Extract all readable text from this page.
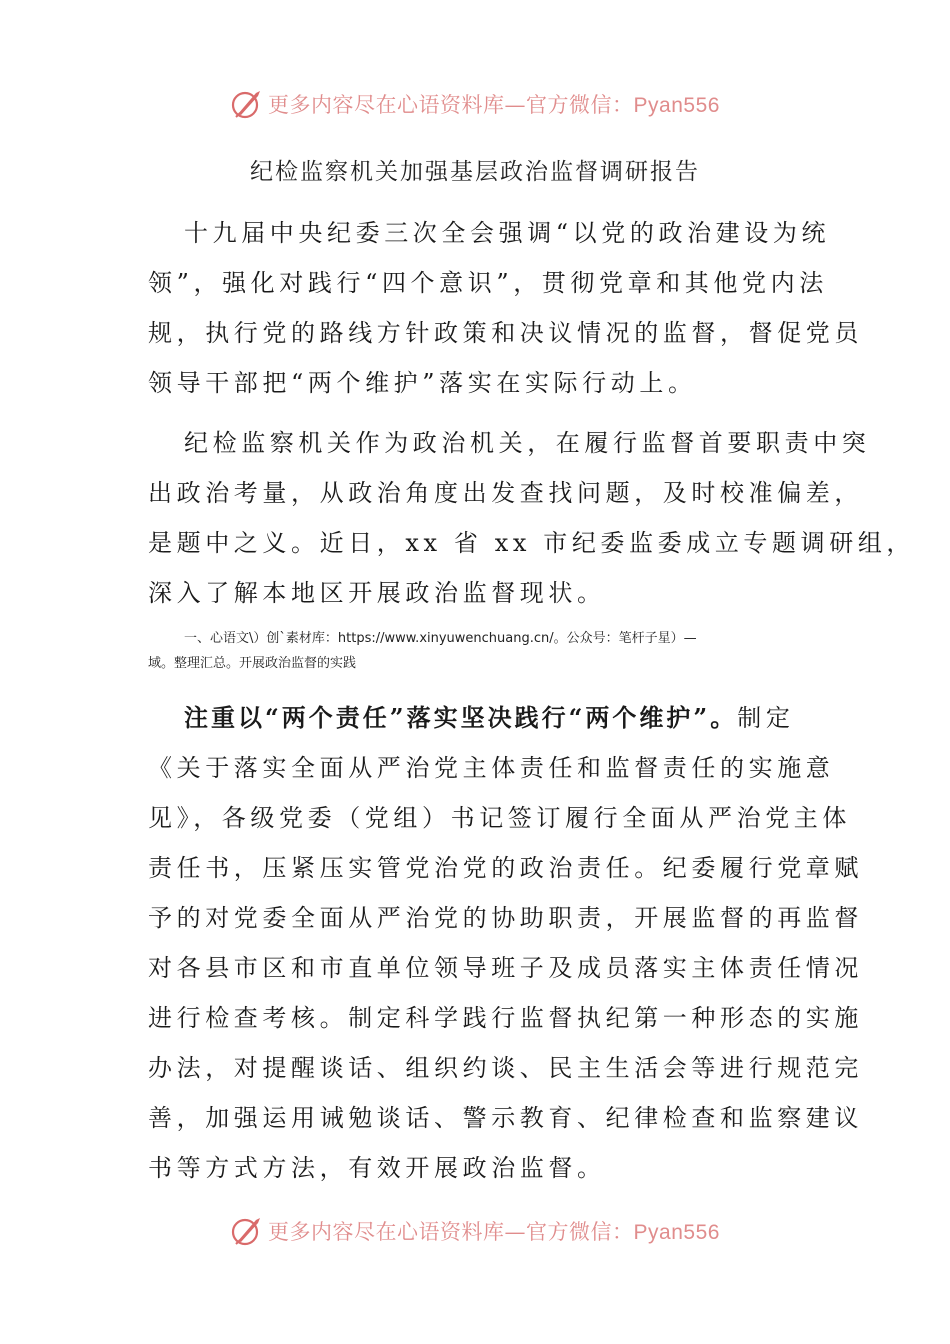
更多内容尽在心语资料库—官方微信：Pyan556
纪检监察机关加强基层政治监督调研报告
十九届中央纪委三次全会强调“以党的政治建设为统
领”，强化对践行“四个意识”，贯彻党章和其他党内法
规，执行党的路线方针政策和决议情况的监督，督促党员
领导干部把“两个维护”落实在实际行动上。
纪检监察机关作为政治机关，在履行监督首要职责中突
出政治考量，从政治角度出发查找问题，及时校准偏差，
是题中之义。近日，xx 省 xx 市纪委监委成立专题调研组，
深入了解本地区开展政治监督现状。
一、心语文\）创`素材库：https://www.xinyuwenchuang.cn/。公众号：笔杆子星）—
域。整理汇总。开展政治监督的实践
注重以“两个责任”落实坚决践行“两个维护”。制定
《关于落实全面从严治党主体责任和监督责任的实施意
见》，各级党委（党组）书记签订履行全面从严治党主体
责任书，压紧压实管党治党的政治责任。纪委履行党章赋
予的对党委全面从严治党的协助职责，开展监督的再监督
对各县市区和市直单位领导班子及成员落实主体责任情况
进行检查考核。制定科学践行监督执纪第一种形态的实施
办法，对提醒谈话、组织约谈、民主生活会等进行规范完
善，加强运用诫勉谈话、警示教育、纪律检查和监察建议
书等方式方法，有效开展政治监督。
更多内容尽在心语资料库—官方微信：Pyan556
